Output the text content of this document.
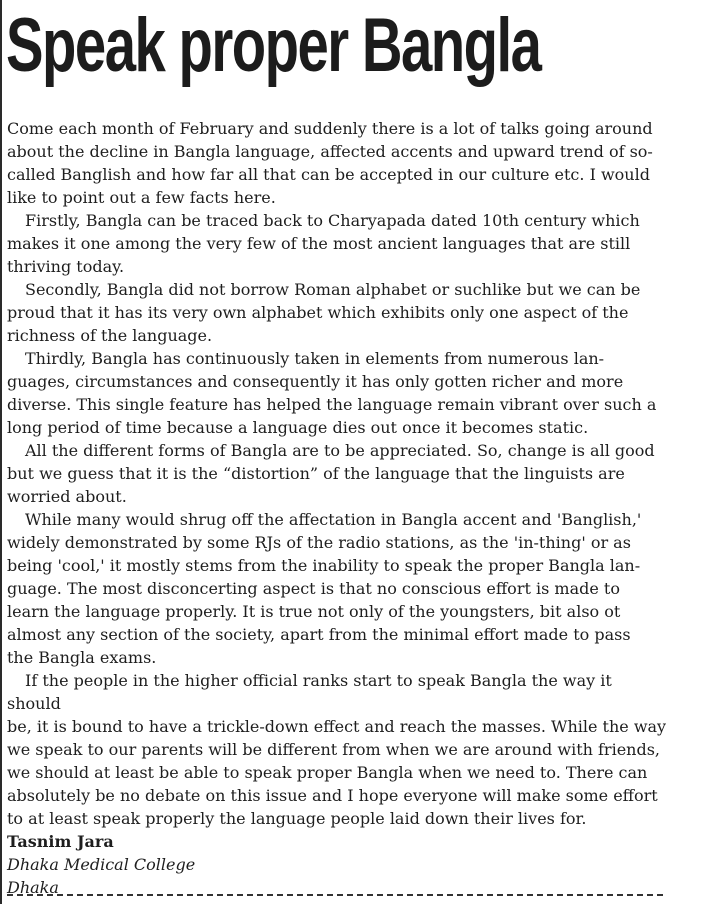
Speak proper Bangla

Come each month of February and suddenly there is a lot of talks going around
about the decline in Bangla language, affected accents and upward trend of so-
called Banglish and how far all that can be accepted in our culture etc. I would
like to point out a few facts here.

Firstly, Bangla can be traced back to Charyapada dated 10th century which
makes it one among the very few of the most ancient languages that are still
thriving today.

Secondly, Bangla did not borrow Roman alphabet or suchlike but we can be
proud that it has its very own alphabet which exhibits only one aspect of the
richness of the language.

Thirdly, Bangla has continuously taken in elements from numerous lan-
guages, circumstances and consequently it has only gotten richer and more
diverse. This single feature has helped the language remain vibrant over such a
long period of time because a language dies out once it becomes static.

All the different forms of Bangla are to be appreciated. So, change is all good
but we guess that it is the “distortion” of the language that the linguists are
worried about.

While many would shrug off the affectation in Bangla accent and 'Banglish,'
widely demonstrated by some RJs of the radio stations, as the 'in-thing' or as
being 'cool,' it mostly stems from the inability to speak the proper Bangla lan-
guage. The most disconcerting aspect is that no conscious effort is made to
learn the language properly. It is true not only of the youngsters, bit also ot
almost any section of the society, apart from the minimal effort made to pass
the Bangla exams.

If the people in the higher official ranks start to speak Bangla the way it should
be, it is bound to have a trickle-down effect and reach the masses. While the way
we speak to our parents will be different from when we are around with friends,
we should at least be able to speak proper Bangla when we need to. There can
absolutely be no debate on this issue and I hope everyone will make some effort
to at least speak properly the language people laid down their lives for.

Tasnim Jara

Dhaka Medical College

Dhaka
